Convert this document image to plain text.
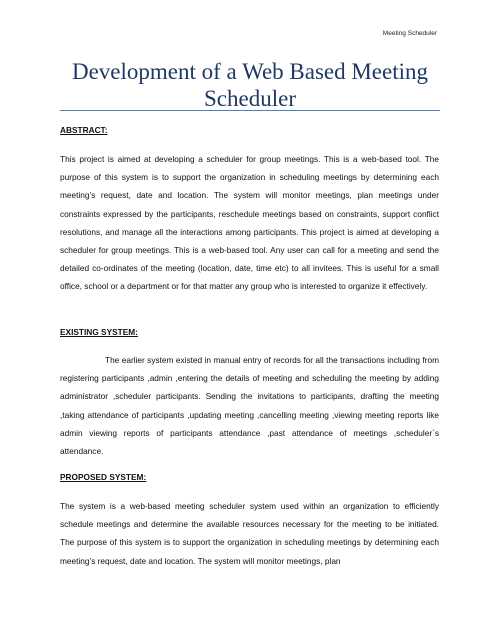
Meeting Scheduler
Development of a Web Based Meeting Scheduler
ABSTRACT:

This project is aimed at developing a scheduler for group meetings. This is a web-based tool. The purpose of this system is to support the organization in scheduling meetings by determining each meeting’s request, date and location. The system will monitor meetings, plan meetings under constraints expressed by the participants, reschedule meetings based on constraints, support conflict resolutions, and manage all the interactions among participants. This project is aimed at developing a scheduler for group meetings. This is a web-based tool. Any user can call for a meeting and send the detailed co-ordinates of the meeting (location, date, time etc) to all invitees. This is useful for a small office, school or a department or for that matter any group who is interested to organize it effectively.

EXISTING SYSTEM:

The earlier system existed in manual entry of records for all the transactions including from registering participants ,admin ,entering the details of meeting and scheduling the meeting by adding administrator ,scheduler participants. Sending the invitations to participants, drafting the meeting ,taking attendance of participants ,updating meeting ,cancelling meeting ,viewing meeting reports like admin viewing reports of participants attendance ,past attendance of meetings ,scheduler`s attendance.

PROPOSED SYSTEM:

The system is a web-based meeting scheduler system used within an organization to efficiently schedule meetings and determine the available resources necessary for the meeting to be initiated. The purpose of this system is to support the organization in scheduling meetings by determining each meeting’s request, date and location. The system will monitor meetings, plan
